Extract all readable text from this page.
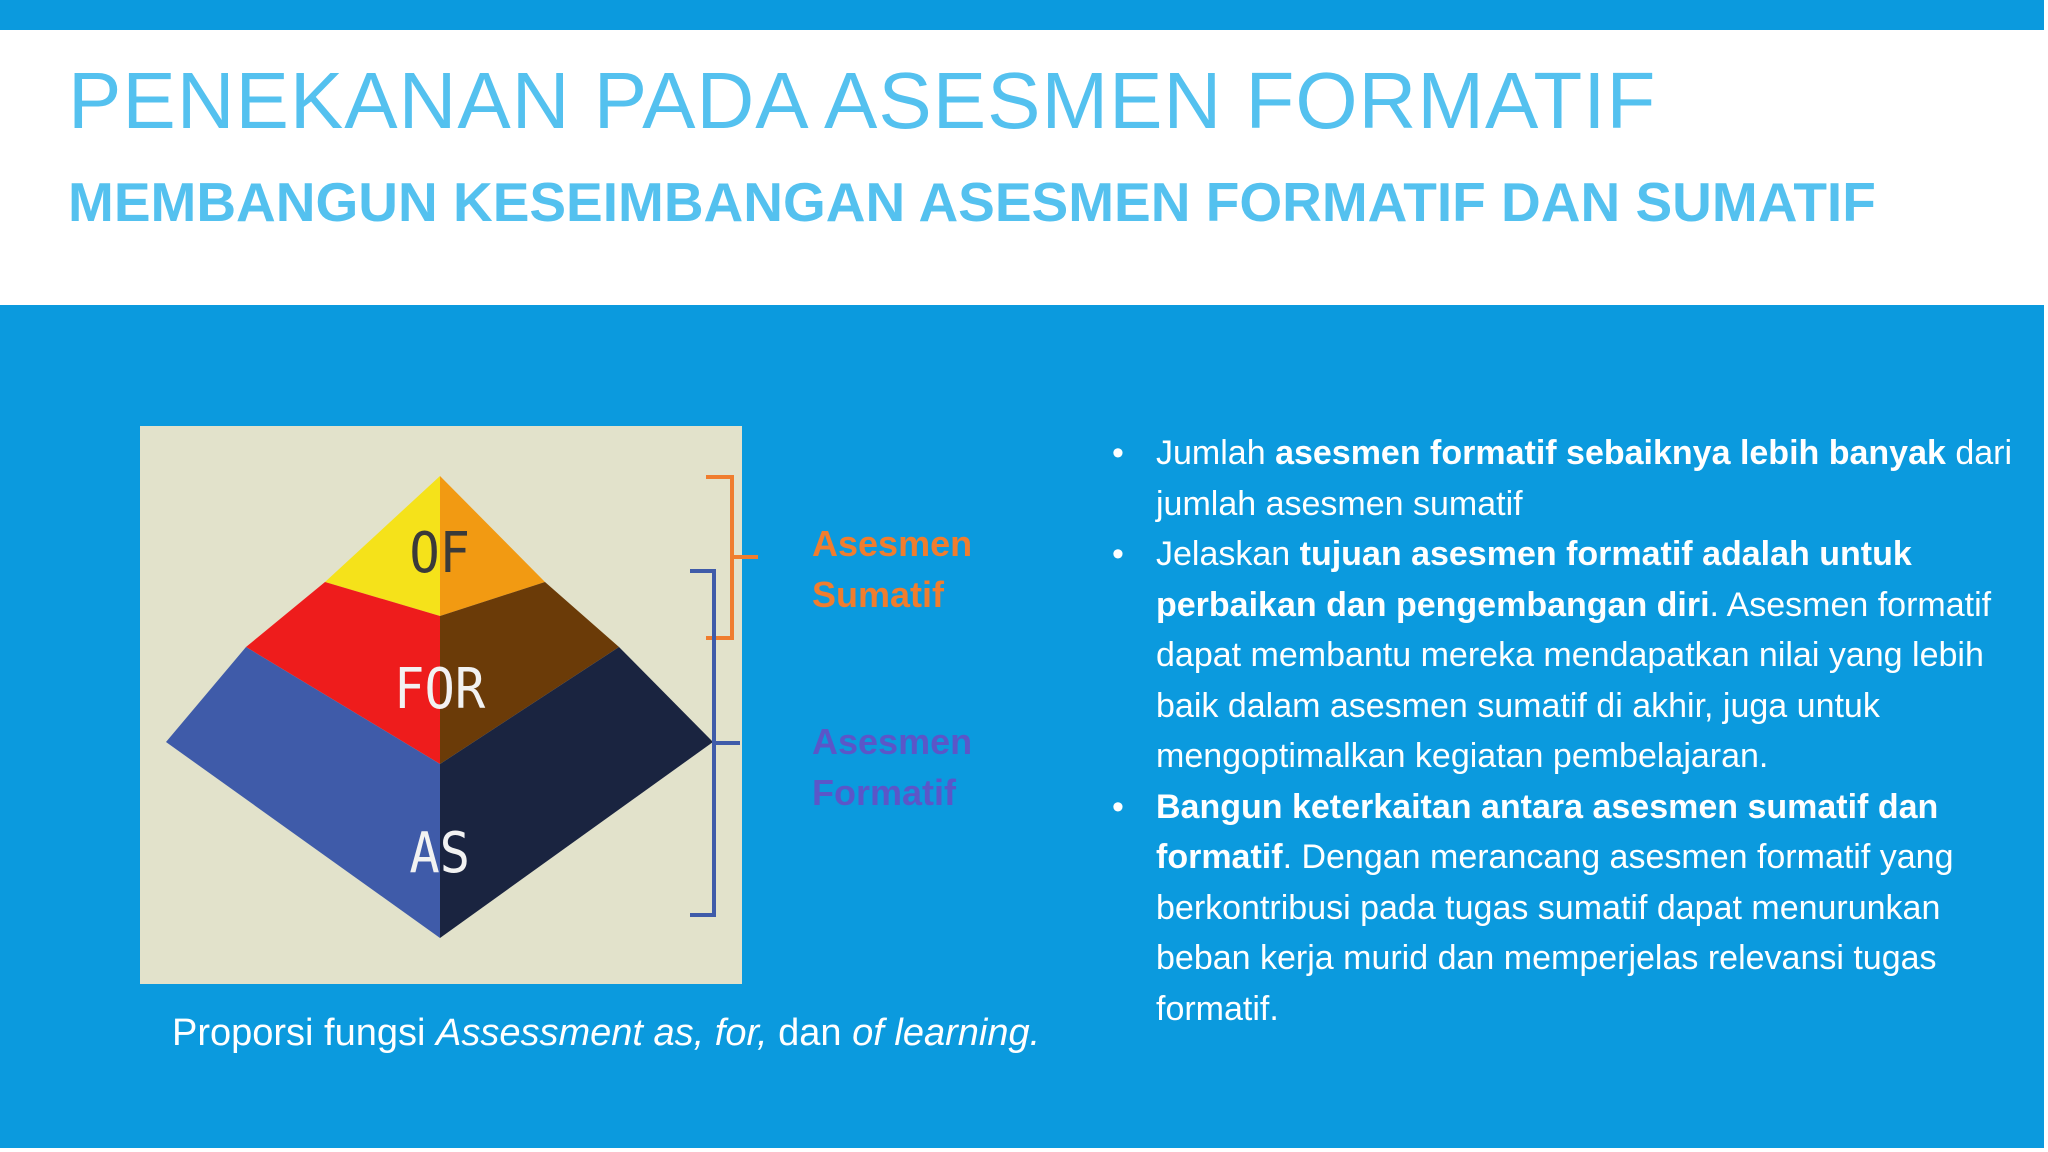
PENEKANAN PADA ASESMEN FORMATIF
MEMBANGUN KESEIMBANGAN ASESMEN FORMATIF DAN SUMATIF
OF
FOR
AS
Asesmen
Sumatif
Asesmen
Formatif
Proporsi fungsi Assessment as, for, dan of learning.
• Jumlah asesmen formatif sebaiknya lebih banyak dari jumlah asesmen sumatif
• Jelaskan tujuan asesmen formatif adalah untuk perbaikan dan pengembangan diri. Asesmen formatif dapat membantu mereka mendapatkan nilai yang lebih baik dalam asesmen sumatif di akhir, juga untuk mengoptimalkan kegiatan pembelajaran.
• Bangun keterkaitan antara asesmen sumatif dan formatif. Dengan merancang asesmen formatif yang berkontribusi pada tugas sumatif dapat menurunkan beban kerja murid dan memperjelas relevansi tugas formatif.
